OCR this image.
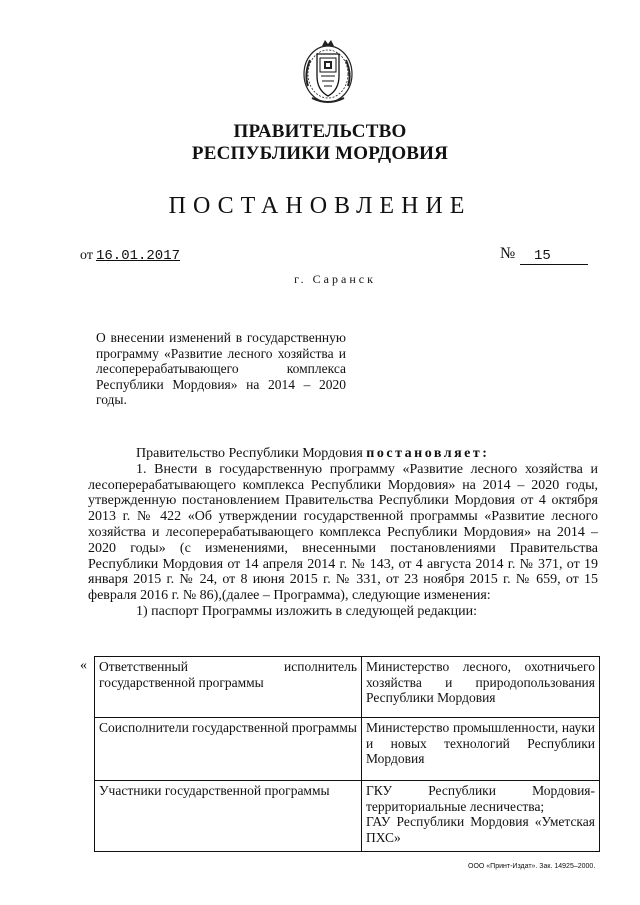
ПРАВИТЕЛЬСТВО
РЕСПУБЛИКИ МОРДОВИЯ
ПОСТАНОВЛЕНИЕ
от 16.01.2017	№	15
г. Саранск
О внесении изменений в государственную программу «Развитие лесного хозяйства и лесоперерабатывающего комплекса Республики Мордовия» на 2014 – 2020 годы.

Правительство Республики Мордовия постановляет:

1. Внести в государственную программу «Развитие лесного хозяйства и лесоперерабатывающего комплекса Республики Мордовия» на 2014 – 2020 годы, утвержденную постановлением Правительства Республики Мордовия от 4 октября 2013 г. № 422 «Об утверждении государственной программы «Развитие лесного хозяйства и лесоперерабатывающего комплекса Республики Мордовия» на 2014 – 2020 годы» (с изменениями, внесенными постановлениями Правительства Республики Мордовия от 14 апреля 2014 г. № 143, от 4 августа 2014 г. № 371, от 19 января 2015 г. № 24, от 8 июня 2015 г. № 331, от 23 ноября 2015 г. № 659, от 15 февраля 2016 г. № 86),(далее – Программа), следующие изменения:

1) паспорт Программы изложить в следующей редакции:

« Ответственный исполнитель государственной программы	Министерство лесного, охотничьего хозяйства и природопользования Республики Мордовия
Соисполнители государственной программы	Министерство промышленности, науки и новых технологий Республики Мордовия
Участники государственной программы	ГКУ Республики Мордовия-территориальные лесничества;
ГАУ Республики Мордовия «Уметская ПХС»
ООО «Принт-Издат». Зак. 14925–2000.
